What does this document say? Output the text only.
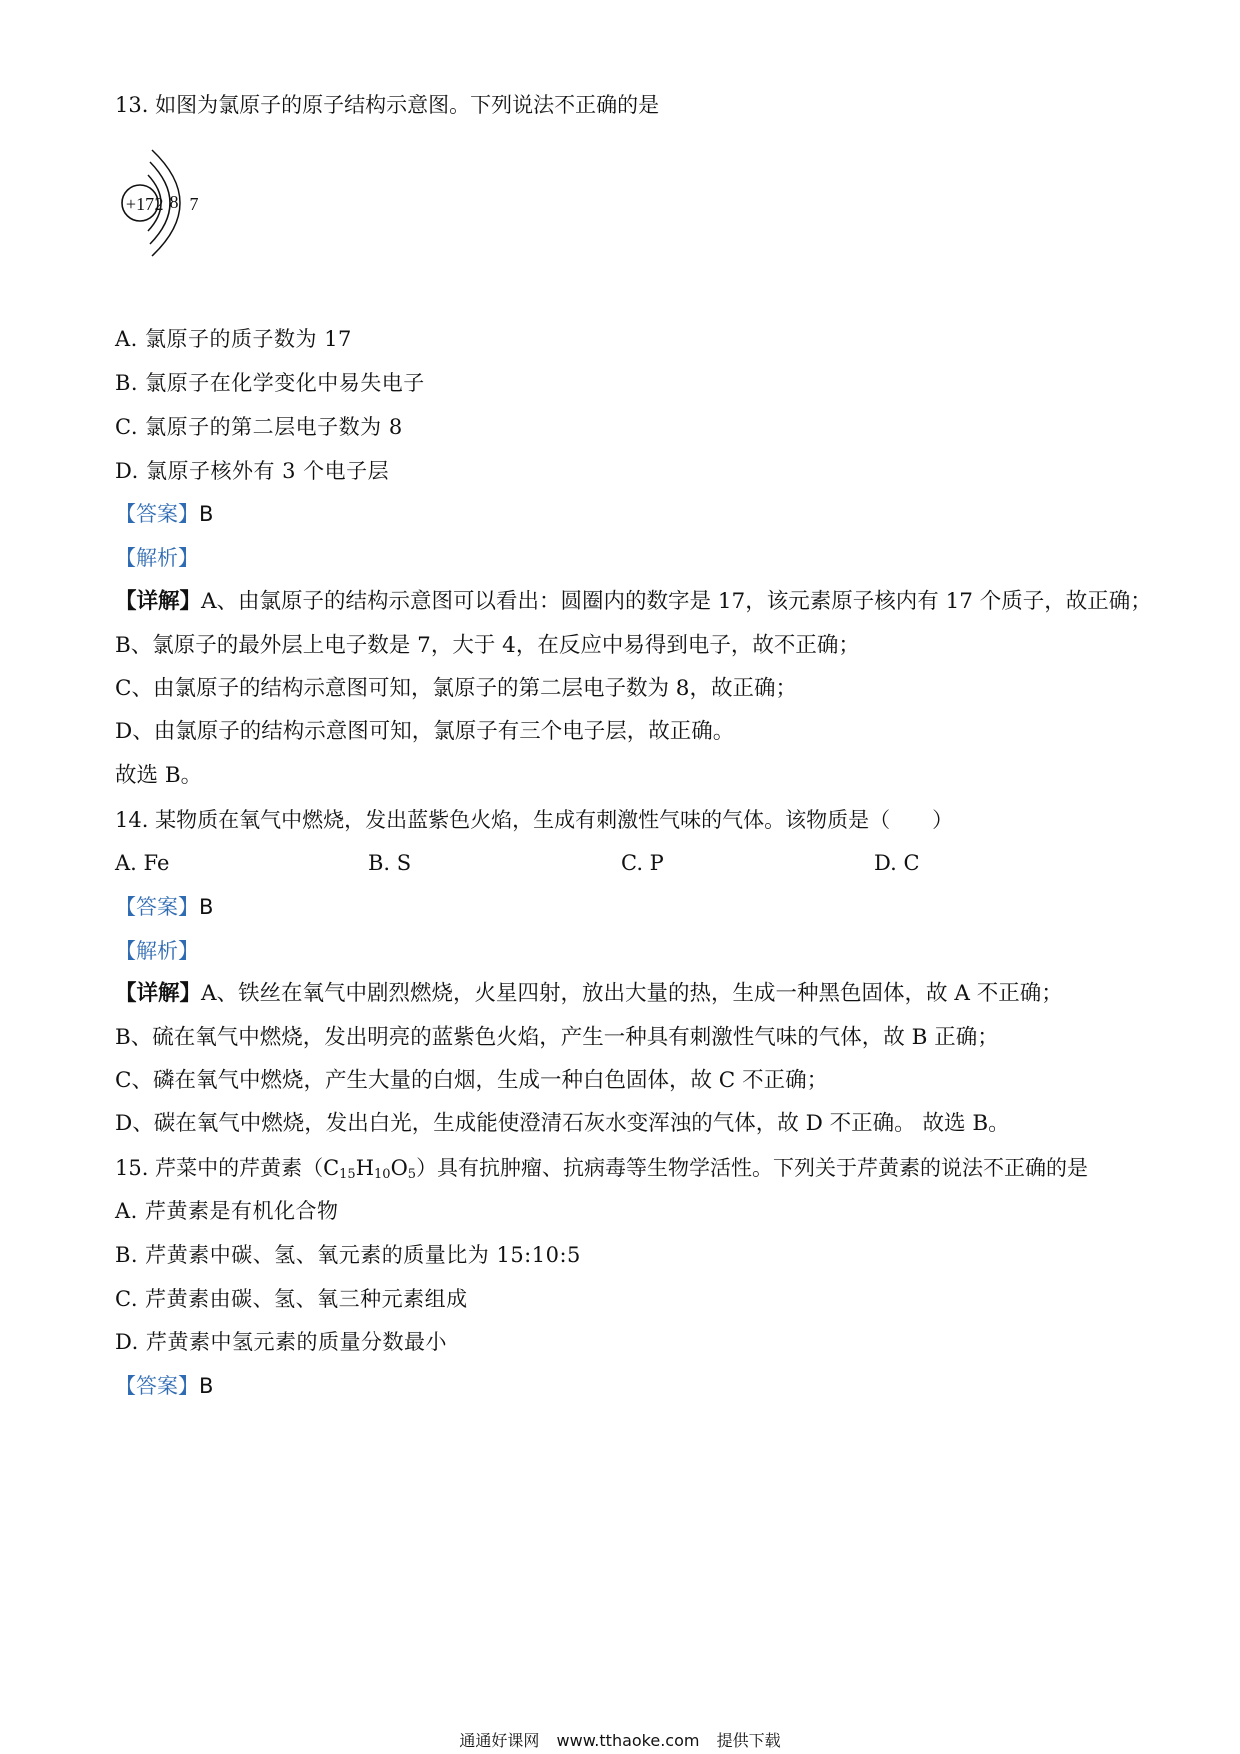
13. 如图为氯原子的原子结构示意图。下列说法不正确的是
+17 2 8 7
A. 氯原子的质子数为 17
B. 氯原子在化学变化中易失电子
C. 氯原子的第二层电子数为 8
D. 氯原子核外有 3 个电子层
【答案】B
【解析】
【详解】A、由氯原子的结构示意图可以看出：圆圈内的数字是 17，该元素原子核内有 17 个质子，故正确；
B、氯原子的最外层上电子数是 7，大于 4，在反应中易得到电子，故不正确；
C、由氯原子的结构示意图可知，氯原子的第二层电子数为 8，故正确；
D、由氯原子的结构示意图可知，氯原子有三个电子层，故正确。
故选 B。
14. 某物质在氧气中燃烧，发出蓝紫色火焰，生成有刺激性气味的气体。该物质是（　　）
A. Fe	B. S	C. P	D. C
【答案】B
【解析】
【详解】A、铁丝在氧气中剧烈燃烧，火星四射，放出大量的热，生成一种黑色固体，故 A 不正确；
B、硫在氧气中燃烧，发出明亮的蓝紫色火焰，产生一种具有刺激性气味的气体，故 B 正确；
C、磷在氧气中燃烧，产生大量的白烟，生成一种白色固体，故 C 不正确；
D、碳在氧气中燃烧，发出白光，生成能使澄清石灰水变浑浊的气体，故 D 不正确。 故选 B。
15. 芹菜中的芹黄素$(C_{15}H_{10}O_5)$具有抗肿瘤、抗病毒等生物学活性。下列关于芹黄素的说法不正确的是
A. 芹黄素是有机化合物
B. 芹黄素中碳、氢、氧元素的质量比为 15:10:5
C. 芹黄素由碳、氢、氧三种元素组成
D. 芹黄素中氢元素的质量分数最小
【答案】B
通通好课网 www.tthaoke.com 提供下载
